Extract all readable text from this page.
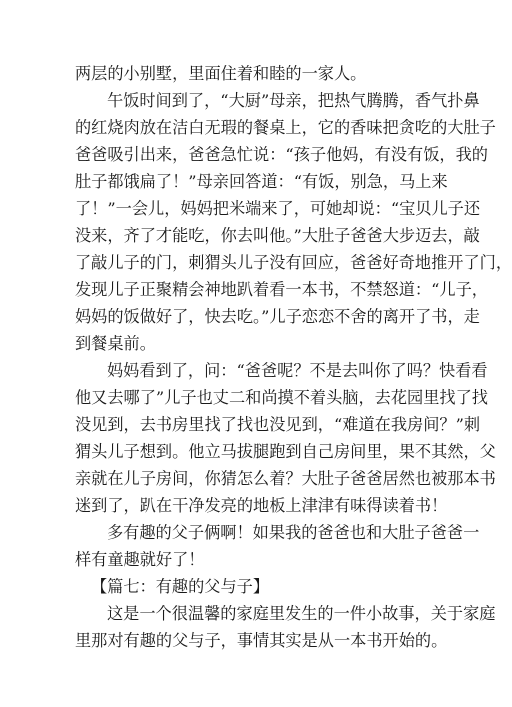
两层的小别墅，里面住着和睦的一家人。
午饭时间到了，“大厨”母亲，把热气腾腾，香气扑鼻
的红烧肉放在洁白无瑕的餐桌上，它的香味把贪吃的大肚子
爸爸吸引出来，爸爸急忙说：“孩子他妈，有没有饭，我的
肚子都饿扁了！”母亲回答道：“有饭，别急，马上来
了！”一会儿，妈妈把米端来了，可她却说：“宝贝儿子还
没来，齐了才能吃，你去叫他。”大肚子爸爸大步迈去，敲
了敲儿子的门，刺猬头儿子没有回应，爸爸好奇地推开了门，
发现儿子正聚精会神地趴着看一本书，不禁怒道：“儿子，
妈妈的饭做好了，快去吃。”儿子恋恋不舍的离开了书，走
到餐桌前。
妈妈看到了，问：“爸爸呢？不是去叫你了吗？快看看
他又去哪了”儿子也丈二和尚摸不着头脑，去花园里找了找
没见到，去书房里找了找也没见到，“难道在我房间？”刺
猬头儿子想到。他立马拔腿跑到自己房间里，果不其然，父
亲就在儿子房间，你猜怎么着？大肚子爸爸居然也被那本书
迷到了，趴在干净发亮的地板上津津有味得读着书！
多有趣的父子俩啊！如果我的爸爸也和大肚子爸爸一
样有童趣就好了！
【篇七：有趣的父与子】
这是一个很温馨的家庭里发生的一件小故事，关于家庭
里那对有趣的父与子，事情其实是从一本书开始的。
